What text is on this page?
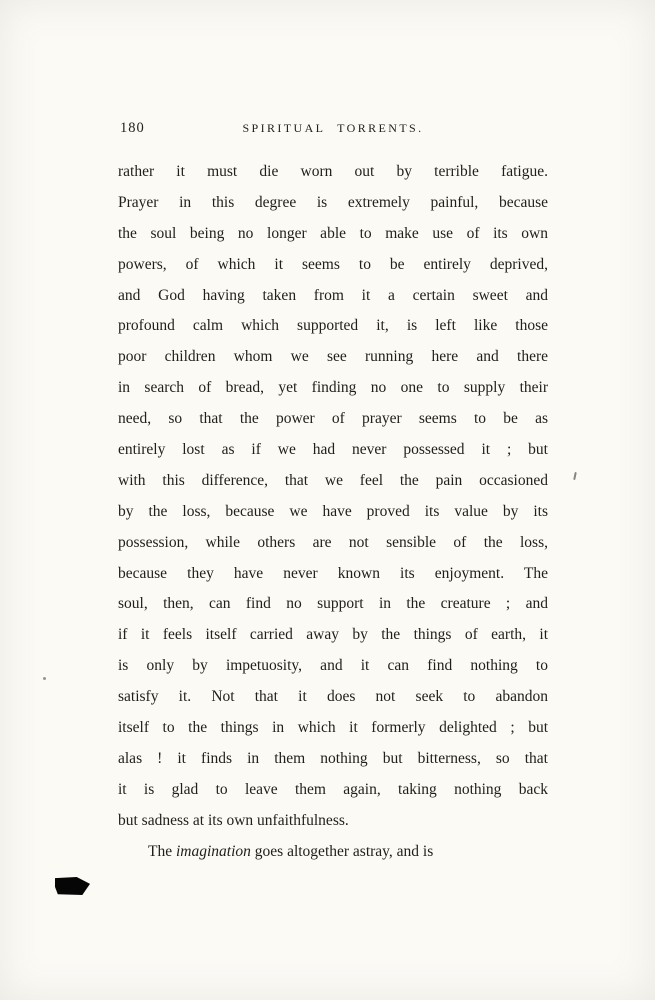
180	SPIRITUAL TORRENTS.
rather it must die worn out by terrible fatigue.
Prayer in this degree is extremely painful, because
the soul being no longer able to make use of its own
powers, of which it seems to be entirely deprived,
and God having taken from it a certain sweet and
profound calm which supported it, is left like those
poor children whom we see running here and there
in search of bread, yet finding no one to supply their
need, so that the power of prayer seems to be as
entirely lost as if we had never possessed it ; but
with this difference, that we feel the pain occasioned
by the loss, because we have proved its value by its
possession, while others are not sensible of the loss,
because they have never known its enjoyment. The
soul, then, can find no support in the creature ; and
if it feels itself carried away by the things of earth, it
is only by impetuosity, and it can find nothing to
satisfy it. Not that it does not seek to abandon
itself to the things in which it formerly delighted ; but
alas ! it finds in them nothing but bitterness, so that
it is glad to leave them again, taking nothing back
but sadness at its own unfaithfulness.
The imagination goes altogether astray, and is
